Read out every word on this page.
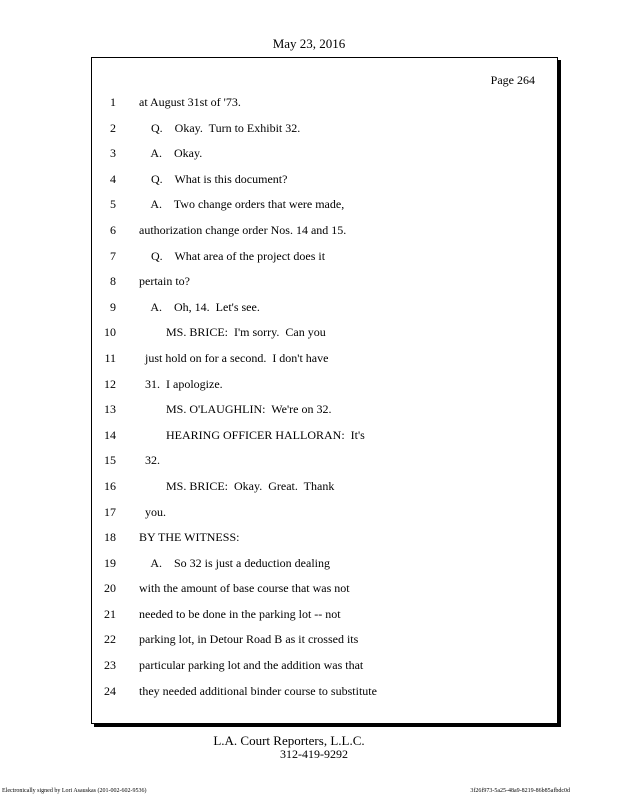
May 23, 2016
Page 264
1 at August 31st of '73.
2 Q.    Okay.  Turn to Exhibit 32.
3 A.    Okay.
4 Q.    What is this document?
5 A.    Two change orders that were made,
6 authorization change order Nos. 14 and 15.
7 Q.    What area of the project does it
8 pertain to?
9 A.    Oh, 14.  Let's see.
10 MS. BRICE:  I'm sorry.  Can you
11 just hold on for a second.  I don't have
12 31.  I apologize.
13 MS. O'LAUGHLIN:  We're on 32.
14 HEARING OFFICER HALLORAN:  It's
15 32.
16 MS. BRICE:  Okay.  Great.  Thank
17 you.
18 BY THE WITNESS:
19 A.    So 32 is just a deduction dealing
20 with the amount of base course that was not
21 needed to be done in the parking lot -- not
22 parking lot, in Detour Road B as it crossed its
23 particular parking lot and the addition was that
24 they needed additional binder course to substitute
L.A. Court Reporters, L.L.C.
312-419-9292
Electronically signed by Lori Asauskas (201-002-602-9536)	3f26f973-5a25-48a9-8219-86b85afbdc0d
